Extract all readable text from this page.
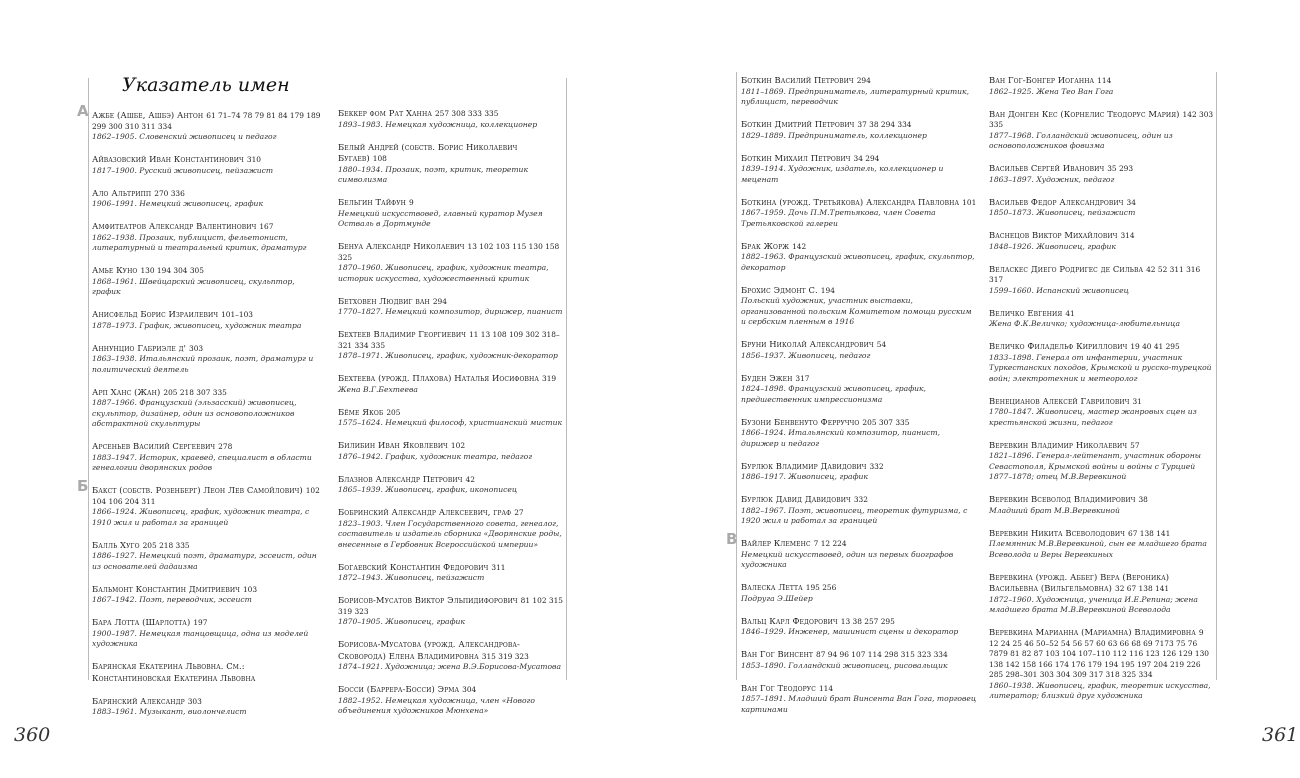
Указатель имен
А Ажбе (Ашбе, Ашбэ) Антон 61 71–74 78 79 81 84 179 189 299 300 310 311 334
1862–1905. Словенский живописец и педагог
Айвазовский Иван Константинович 310
1817–1900. Русский живописец, пейзажист
Ало Альтрипп 270 336
1906–1991. Немецкий живописец, график
Амфитеатров Александр Валентинович 167
1862–1938. Прозаик, публицист, фельетонист, литературный и театральный критик, драматург
Амье Куно 130 194 304 305
1868–1961. Швейцарский живописец, скульптор, график
Анисфельд Борис Израилевич 101–103
1878–1973. График, живописец, художник театра
Аннунцио Габриэле д' 303
1863–1938. Итальянский прозаик, поэт, драматург и политический деятель
Арп Ханс (Жан) 205 218 307 335
1887–1966. Французский (эльзасский) живописец, скульптор, дизайнер, один из основоположников абстрактной скульптуры
Арсеньев Василий Сергеевич 278
1883–1947. Историк, краевед, специалист в области генеалогии дворянских родов
Б Бакст (собств. Розенберг) Леон Лев Самойлович) 102 104 106 204 311
1866–1924. Живописец, график, художник театра, с 1910 жил и работал за границей
Балль Хуго 205 218 335
1886–1927. Немецкий поэт, драматург, эссеист, один из основателей дадаизма
Бальмонт Константин Дмитриевич 103
1867–1942. Поэт, переводчик, эссеист
Бара Лотта (Шарлотта) 197
1900–1987. Немецкая танцовщица, одна из моделей художника
Барянская Екатерина Львовна. См.: Константиновская Екатерина Львовна
Барянский Александр 303
1883–1961. Музыкант, виолончелист
Беккер фом Рат Ханна 257 308 333 335
1893–1983. Немецкая художница, коллекционер
Белый Андрей (собств. Борис Николаевич Бугаев) 108
1880–1934. Прозаик, поэт, критик, теоретик символизма
Бельгин Тайфун 9
Немецкий искусствовед, главный куратор Музея Остваль в Дортмунде
Бенуа Александр Николаевич 13 102 103 115 130 158 325
1870–1960. Живописец, график, художник театра, историк искусства, художественный критик
Бетховен Людвиг ван 294
1770–1827. Немецкий композитор, дирижер, пианист
Бехтеев Владимир Георгиевич 11 13 108 109 302 318–321 334 335
1878–1971. Живописец, график, художник-декоратор
Бехтеева (урожд. Плахова) Наталья Иосифовна 319
Жена В.Г.Бехтеева
Бёме Якоб 205
1575–1624. Немецкий философ, христианский мистик
Билибин Иван Яковлевич 102
1876–1942. График, художник театра, педагог
Блазнов Александр Петрович 42
1865–1939. Живописец, график, иконописец
Бобринский Александр Алексеевич, граф 27
1823–1903. Член Государственного совета, генеалог, составитель и издатель сборника «Дворянские роды, внесенные в Гербовник Всероссийской империи»
Богаевский Константин Федорович 311
1872–1943. Живописец, пейзажист
Борисов-Мусатов Виктор Эльпидифорович 81 102 315 319 323
1870–1905. Живописец, график
Борисова-Мусатова (урожд. Александрова-Сковорода) Елена Владимировна 315 319 323
1874–1921. Художница; жена В.Э.Борисова-Мусатова
Босси (Баррера-Босси) Эрма 304
1882–1952. Немецкая художница, член «Нового объединения художников Мюнхена»
Боткин Василий Петрович 294
1811–1869. Предприниматель, литературный критик, публицист, переводчик
Боткин Дмитрий Петрович 37 38 294 334
1829–1889. Предприниматель, коллекционер
Боткин Михаил Петрович 34 294
1839–1914. Художник, издатель, коллекционер и меценат
Боткина (урожд. Третьякова) Александра Павловна 101
1867–1959. Дочь П.М.Третьякова, член Совета Третьяковской галереи
Брак Жорж 142
1882–1963. Французский живописец, график, скульптор, декоратор
Брохис Эдмонт С. 194
Польский художник, участник выставки, организованной польским Комитетом помощи русским и сербским пленным в 1916
Бруни Николай Александрович 54
1856–1937. Живописец, педагог
Буден Эжен 317
1824–1898. Французский живописец, график, предшественник импрессионизма
Бузони Бенвенуто Ферруччо 205 307 335
1866–1924. Итальянский композитор, пианист, дирижер и педагог
Бурлюк Владимир Давидович 332
1886–1917. Живописец, график
Бурлюк Давид Давидович 332
1882–1967. Поэт, живописец, теоретик футуризма, с 1920 жил и работал за границей
В Вайлер Клеменс 7 12 224
Немецкий искусствовед, один из первых биографов художника
Валеска Летта 195 256
Подруга Э.Шейер
Вальц Карл Федорович 13 38 257 295
1846–1929. Инженер, машинист сцены и декоратор
Ван Гог Винсент 87 94 96 107 114 298 315 323 334
1853–1890. Голландский живописец, рисовальщик
Ван Гог Теодорус 114
1857–1891. Младший брат Винсента Ван Гога, торговец картинами
Ван Гог-Бонгер Иоганна 114
1862–1925. Жена Тео Ван Гога
Ван Донген Кес (Корнелис Теодорус Мария) 142 303 335
1877–1968. Голландский живописец, один из основоположников фовизма
Васильев Сергей Иванович 35 293
1863–1897. Художник, педагог
Васильев Федор Александрович 34
1850–1873. Живописец, пейзажист
Васнецов Виктор Михайлович 314
1848–1926. Живописец, график
Веласкес Диего Родригес де Сильва 42 52 311 316 317
1599–1660. Испанский живописец
Величко Евгения 41
Жена Ф.К.Величко; художница-любительница
Величко Филадельф Кириллович 19 40 41 295
1833–1898. Генерал от инфантерии, участник Туркестанских походов, Крымской и русско-турецкой войн; электротехник и метеоролог
Венецианов Алексей Гаврилович 31
1780–1847. Живописец, мастер жанровых сцен из крестьянской жизни, педагог
Веревкин Владимир Николаевич 57
1821–1896. Генерал-лейтенант, участник обороны Севастополя, Крымской войны и войны с Турцией 1877–1878; отец М.В.Веревкиной
Веревкин Всеволод Владимирович 38
Младший брат М.В.Веревкиной
Веревкин Никита Всеволодович 67 138 141
Племянник М.В.Веревкиной, сын ее младшего брата Всеволода и Веры Веревкиных
Веревкина (урожд. Аббег) Вера (Вероника) Васильевна (Вильгельмовна) 32 67 138 141
1872–1960. Художница, ученица И.Е.Репина; жена младшего брата М.В.Веревкиной Всеволода
Веревкина Марианна (Мариамна) Владимировна 9 12 24 25 46 50–52 54 56 57 60 63 66 68 69 7173 75 76 7879 81 82 87 103 104 107–110 112 116 123 126 129 130 138 142 158 166 174 176 179 194 195 197 204 219 226 285 298–301 303 304 309 317 318 325 334
1860–1938. Живописец, график, теоретик искусства, литератор; близкий друг художника
360	361
